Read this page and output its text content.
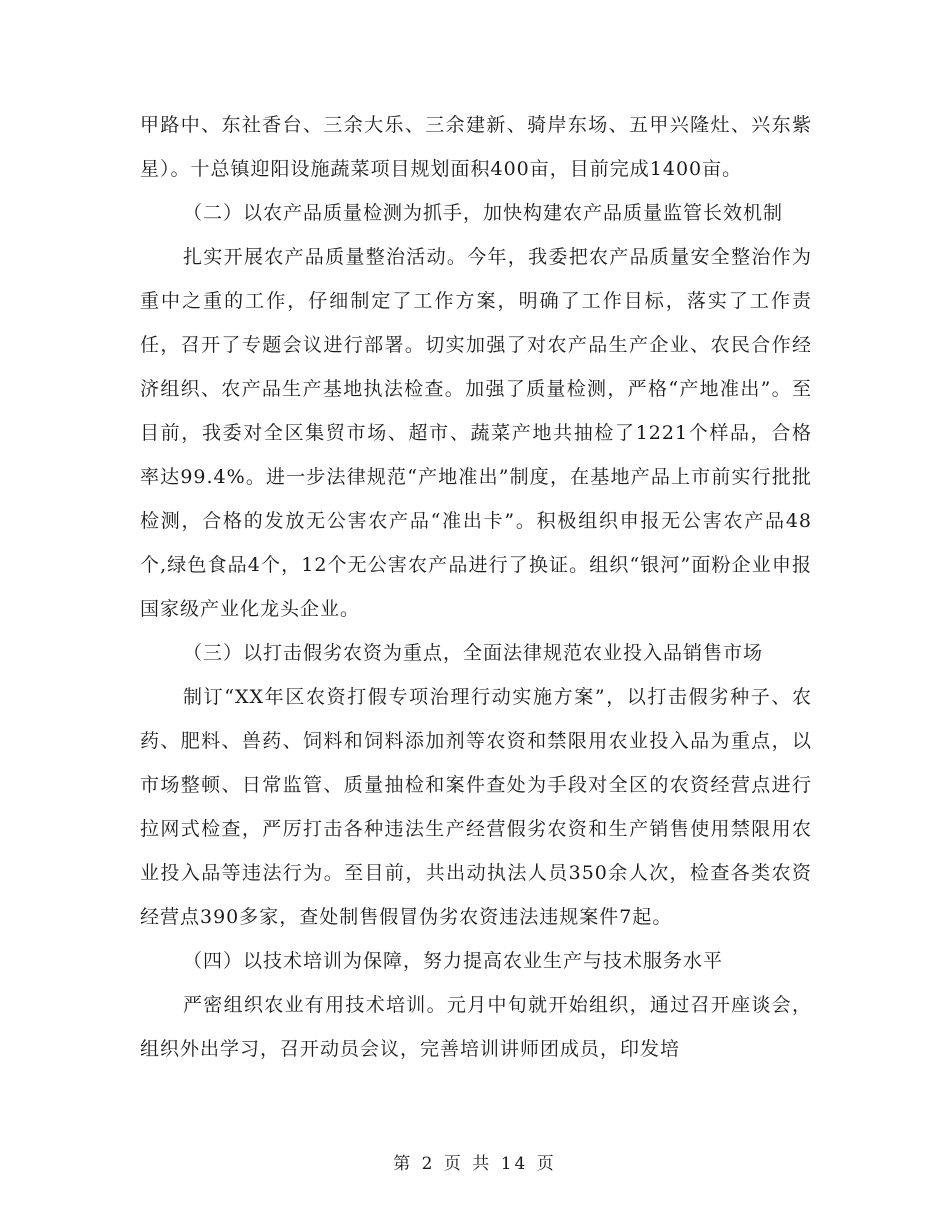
甲路中、东社香台、三余大乐、三余建新、骑岸东场、五甲兴隆灶、兴东紫星）。十总镇迎阳设施蔬菜项目规划面积400亩，目前完成1400亩。

（二）以农产品质量检测为抓手，加快构建农产品质量监管长效机制

扎实开展农产品质量整治活动。今年，我委把农产品质量安全整治作为重中之重的工作，仔细制定了工作方案，明确了工作目标，落实了工作责任，召开了专题会议进行部署。切实加强了对农产品生产企业、农民合作经济组织、农产品生产基地执法检查。加强了质量检测，严格“产地准出”。至目前，我委对全区集贸市场、超市、蔬菜产地共抽检了1221个样品，合格率达99.4%。进一步法律规范“产地准出”制度，在基地产品上市前实行批批检测，合格的发放无公害农产品“准出卡”。积极组织申报无公害农产品48个,绿色食品4个，12个无公害农产品进行了换证。组织“银河”面粉企业申报国家级产业化龙头企业。

（三）以打击假劣农资为重点，全面法律规范农业投入品销售市场

制订“XX年区农资打假专项治理行动实施方案”，以打击假劣种子、农药、肥料、兽药、饲料和饲料添加剂等农资和禁限用农业投入品为重点，以市场整顿、日常监管、质量抽检和案件查处为手段对全区的农资经营点进行拉网式检查，严厉打击各种违法生产经营假劣农资和生产销售使用禁限用农业投入品等违法行为。至目前，共出动执法人员350余人次，检查各类农资经营点390多家，查处制售假冒伪劣农资违法违规案件7起。

（四）以技术培训为保障，努力提高农业生产与技术服务水平

严密组织农业有用技术培训。元月中旬就开始组织，通过召开座谈会，组织外出学习，召开动员会议，完善培训讲师团成员，印发培

第 2 页 共 14 页
